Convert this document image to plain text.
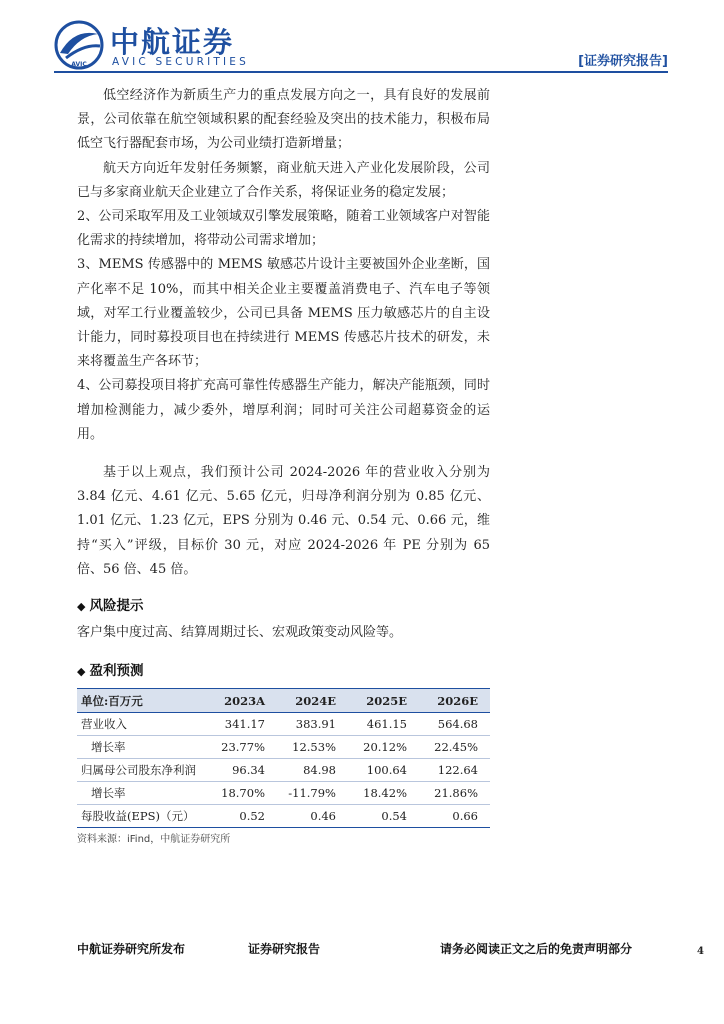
AVIC
中航证券
AVIC SECURITIES	[证券研究报告]

低空经济作为新质生产力的重点发展方向之一，具有良好的发展前景，公司依靠在航空领域积累的配套经验及突出的技术能力，积极布局低空飞行器配套市场，为公司业绩打造新增量；

航天方向近年发射任务频繁，商业航天进入产业化发展阶段，公司已与多家商业航天企业建立了合作关系，将保证业务的稳定发展；

2、公司采取军用及工业领域双引擎发展策略，随着工业领域客户对智能化需求的持续增加，将带动公司需求增加；

3、MEMS 传感器中的 MEMS 敏感芯片设计主要被国外企业垄断，国产化率不足 10%，而其中相关企业主要覆盖消费电子、汽车电子等领域，对军工行业覆盖较少，公司已具备 MEMS 压力敏感芯片的自主设计能力，同时募投项目也在持续进行 MEMS 传感芯片技术的研发，未来将覆盖生产各环节；

4、公司募投项目将扩充高可靠性传感器生产能力，解决产能瓶颈，同时增加检测能力，减少委外，增厚利润；同时可关注公司超募资金的运用。

基于以上观点，我们预计公司 2024-2026 年的营业收入分别为 3.84 亿元、4.61 亿元、5.65 亿元，归母净利润分别为 0.85 亿元、1.01 亿元、1.23 亿元，EPS 分别为 0.46 元、0.54 元、0.66 元，维持“买入”评级，目标价 30 元，对应 2024-2026 年 PE 分别为 65 倍、56 倍、45 倍。

◆ 风险提示

客户集中度过高、结算周期过长、宏观政策变动风险等。

◆ 盈利预测
单位:百万元	2023A	2024E	2025E	2026E
营业收入	341.17	383.91	461.15	564.68
增长率	23.77%	12.53%	20.12%	22.45%
归属母公司股东净利润	96.34	84.98	100.64	122.64
增长率	18.70%	-11.79%	18.42%	21.86%
每股收益(EPS)（元）	0.52	0.46	0.54	0.66
资料来源：iFind，中航证券研究所
中航证券研究所发布	证券研究报告	请务必阅读正文之后的免责声明部分	4
